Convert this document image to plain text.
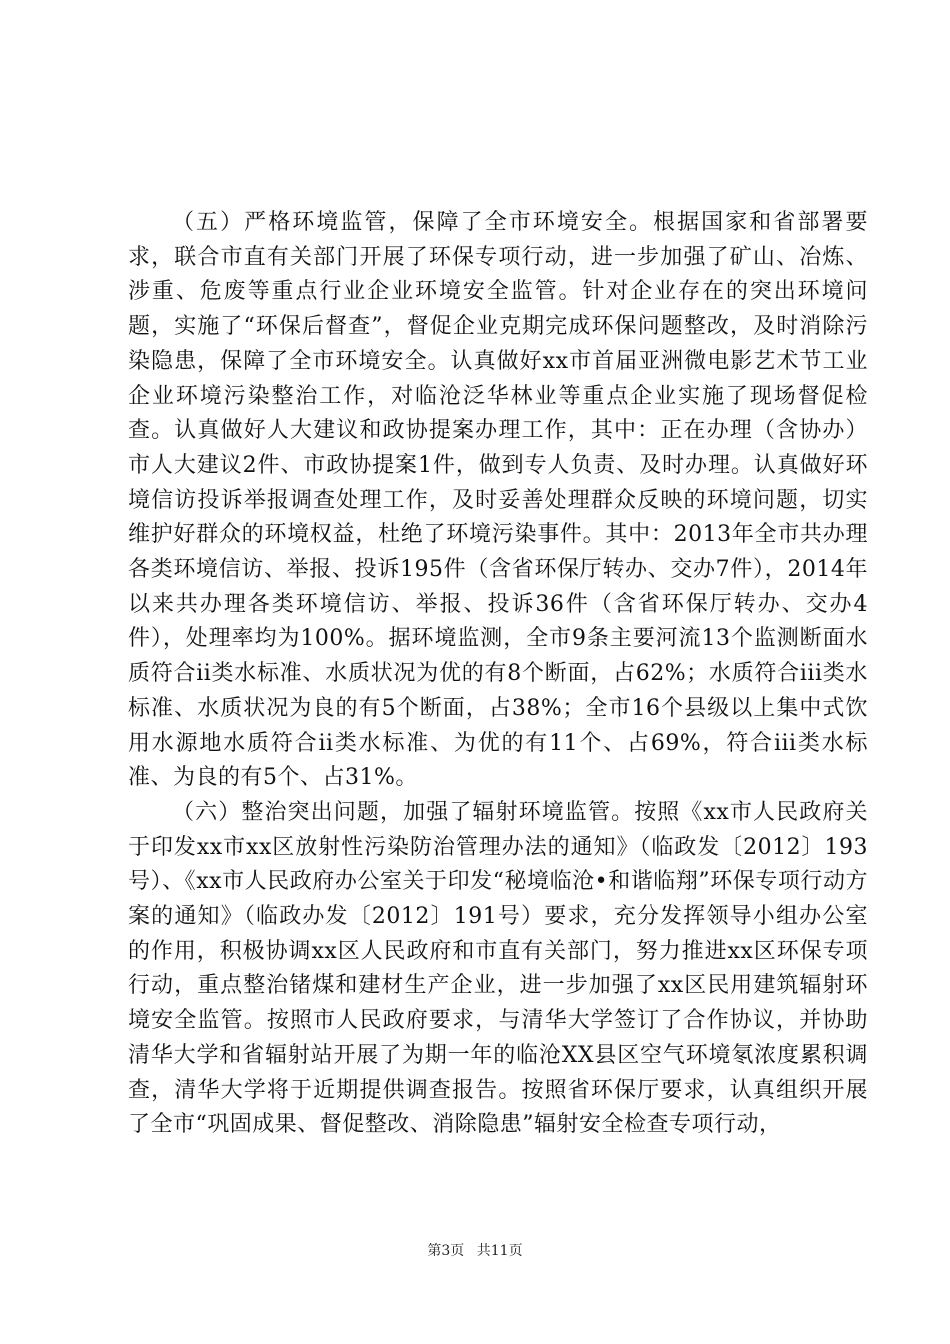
（五）严格环境监管，保障了全市环境安全。根据国家和省部署要求，联合市直有关部门开展了环保专项行动，进一步加强了矿山、冶炼、涉重、危废等重点行业企业环境安全监管。针对企业存在的突出环境问题，实施了“环保后督查”，督促企业克期完成环保问题整改，及时消除污染隐患，保障了全市环境安全。认真做好xx市首届亚洲微电影艺术节工业企业环境污染整治工作，对临沧泛华林业等重点企业实施了现场督促检查。认真做好人大建议和政协提案办理工作，其中：正在办理（含协办）市人大建议2件、市政协提案1件，做到专人负责、及时办理。认真做好环境信访投诉举报调查处理工作，及时妥善处理群众反映的环境问题，切实维护好群众的环境权益，杜绝了环境污染事件。其中：2013年全市共办理各类环境信访、举报、投诉195件（含省环保厅转办、交办7件），2014年以来共办理各类环境信访、举报、投诉36件（含省环保厅转办、交办4件），处理率均为100%。据环境监测，全市9条主要河流13个监测断面水质符合ii类水标准、水质状况为优的有8个断面，占62%；水质符合iii类水标准、水质状况为良的有5个断面，占38%；全市16个县级以上集中式饮用水源地水质符合ii类水标准、为优的有11个、占69%，符合iii类水标准、为良的有5个、占31%。

（六）整治突出问题，加强了辐射环境监管。按照《xx市人民政府关于印发xx市xx区放射性污染防治管理办法的通知》（临政发〔2012〕193号）、《xx市人民政府办公室关于印发“秘境临沧•和谐临翔”环保专项行动方案的通知》（临政办发〔2012〕191号）要求，充分发挥领导小组办公室的作用，积极协调xx区人民政府和市直有关部门，努力推进xx区环保专项行动，重点整治锗煤和建材生产企业，进一步加强了xx区民用建筑辐射环境安全监管。按照市人民政府要求，与清华大学签订了合作协议，并协助清华大学和省辐射站开展了为期一年的临沧XX县区空气环境氡浓度累积调查，清华大学将于近期提供调查报告。按照省环保厅要求，认真组织开展了全市“巩固成果、督促整改、消除隐患”辐射安全检查专项行动，

第3页 共11页
